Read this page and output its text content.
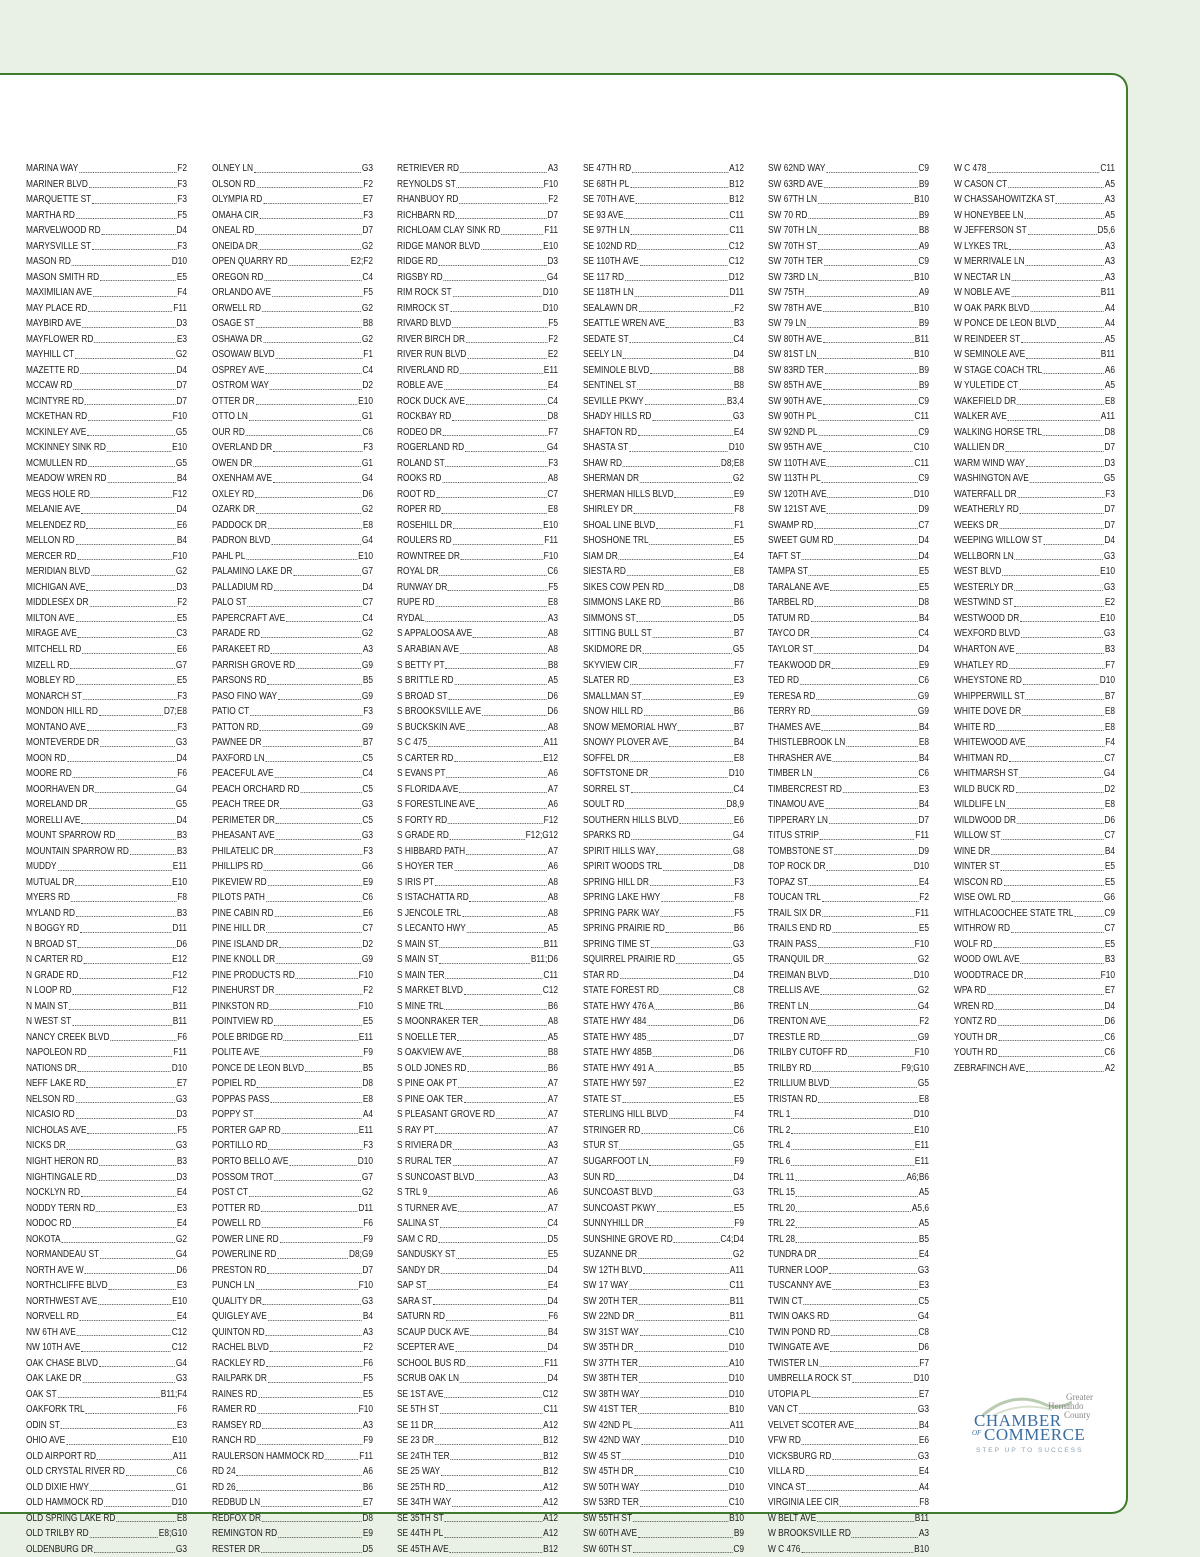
MARINA WAY	F2
MARINER BLVD	F3
MARQUETTE ST	F3
MARTHA RD	F5
MARVELWOOD RD	D4
MARYSVILLE ST	F3
MASON RD	D10
MASON SMITH RD	E5
MAXIMILIAN AVE	F4
MAY PLACE RD	F11
MAYBIRD AVE	D3
MAYFLOWER RD	E3
MAYHILL CT	G2
MAZETTE RD	D4
MCCAW RD	D7
MCINTYRE RD	D7
MCKETHAN RD	F10
MCKINLEY AVE	G5
MCKINNEY SINK RD	E10
MCMULLEN RD	G5
MEADOW WREN RD	B4
MEGS HOLE RD	F12
MELANIE AVE	D4
MELENDEZ RD	E6
MELLON RD	B4
MERCER RD	F10
MERIDIAN BLVD	G2
MICHIGAN AVE	D3
MIDDLESEX DR	F2
MILTON AVE	E5
MIRAGE AVE	C3
MITCHELL RD	E6
MIZELL RD	G7
MOBLEY RD	E5
MONARCH ST	F3
MONDON HILL RD	D7;E8
MONTANO AVE	F3
MONTEVERDE DR	G3
MOON RD	D4
MOORE RD	F6
MOORHAVEN DR	G4
MORELAND DR	G5
MORELLI AVE	D4
MOUNT SPARROW RD	B3
MOUNTAIN SPARROW RD	B3
MUDDY	E11
MUTUAL DR	E10
MYERS RD	F8
MYLAND RD	B3
N BOGGY RD	D11
N BROAD ST	D6
N CARTER RD	E12
N GRADE RD	F12
N LOOP RD	F12
N MAIN ST	B11
N WEST ST	B11
NANCY CREEK BLVD	F6
NAPOLEON RD	F11
NATIONS DR	D10
NEFF LAKE RD	E7
NELSON RD	G3
NICASIO RD	D3
NICHOLAS AVE	F5
NICKS DR	G3
NIGHT HERON RD	B3
NIGHTINGALE RD	D3
NOCKLYN RD	E4
NODDY TERN RD	E3
NODOC RD	E4
NOKOTA	G2
NORMANDEAU ST	G4
NORTH AVE W	D6
NORTHCLIFFE BLVD	E3
NORTHWEST AVE	E10
NORVELL RD	E4
NW 6TH AVE	C12
NW 10TH AVE	C12
OAK CHASE BLVD	G4
OAK LAKE DR	G3
OAK ST	B11;F4
OAKFORK TRL	F6
ODIN ST	E3
OHIO AVE	E10
OLD AIRPORT RD	A11
OLD CRYSTAL RIVER RD	C6
OLD DIXIE HWY	G1
OLD HAMMOCK RD	D10
OLD SPRING LAKE RD	E8
OLD TRILBY RD	E8;G10
OLDENBURG DR	G3
OLNEY LN	G3
OLSON RD	F2
OLYMPIA RD	E7
OMAHA CIR	F3
ONEAL RD	D7
ONEIDA DR	G2
OPEN QUARRY RD	E2;F2
OREGON RD	C4
ORLANDO AVE	F5
ORWELL RD	G2
OSAGE ST	B8
OSHAWA DR	G2
OSOWAW BLVD	F1
OSPREY AVE	C4
OSTROM WAY	D2
OTTER DR	E10
OTTO LN	G1
OUR RD	C6
OVERLAND DR	F3
OWEN DR	G1
OXENHAM AVE	G4
OXLEY RD	D6
OZARK DR	G2
PADDOCK DR	E8
PADRON BLVD	G4
PAHL PL	E10
PALAMINO LAKE DR	G7
PALLADIUM RD	D4
PALO ST	C7
PAPERCRAFT AVE	C4
PARADE RD	G2
PARAKEET RD	A3
PARRISH GROVE RD	G9
PARSONS RD	B5
PASO FINO WAY	G9
PATIO CT	F3
PATTON RD	G9
PAWNEE DR	B7
PAXFORD LN	C5
PEACEFUL AVE	C4
PEACH ORCHARD RD	C5
PEACH TREE DR	G3
PERIMETER DR	C5
PHEASANT AVE	G3
PHILATELIC DR	F3
PHILLIPS RD	G6
PIKEVIEW RD	E9
PILOTS PATH	C6
PINE CABIN RD	E6
PINE HILL DR	C7
PINE ISLAND DR	D2
PINE KNOLL DR	G9
PINE PRODUCTS RD	F10
PINEHURST DR	F2
PINKSTON RD	F10
POINTVIEW RD	E5
POLE BRIDGE RD	E11
POLITE AVE	F9
PONCE DE LEON BLVD	B5
POPIEL RD	D8
POPPAS PASS	E8
POPPY ST	A4
PORTER GAP RD	E11
PORTILLO RD	F3
PORTO BELLO AVE	D10
POSSOM TROT	G7
POST CT	G2
POTTER RD	D11
POWELL RD	F6
POWER LINE RD	F9
POWERLINE RD	D8;G9
PRESTON RD	D7
PUNCH LN	F10
QUALITY DR	G3
QUIGLEY AVE	B4
QUINTON RD	A3
RACHEL BLVD	F2
RACKLEY RD	F6
RAILPARK DR	F5
RAINES RD	E5
RAMER RD	F10
RAMSEY RD	A3
RANCH RD	F9
RAULERSON HAMMOCK RD	F11
RD 24	A6
RD 26	B6
REDBUD LN	E7
REDFOX DR	D8
REMINGTON RD	E9
RESTER DR	D5
RETRIEVER RD	A3
REYNOLDS ST	F10
RHANBUOY RD	F2
RICHBARN RD	D7
RICHLOAM CLAY SINK RD	F11
RIDGE MANOR BLVD	E10
RIDGE RD	D3
RIGSBY RD	G4
RIM ROCK ST	D10
RIMROCK ST	D10
RIVARD BLVD	F5
RIVER BIRCH DR	F2
RIVER RUN BLVD	E2
RIVERLAND RD	E11
ROBLE AVE	E4
ROCK DUCK AVE	C4
ROCKBAY RD	D8
RODEO DR	F7
ROGERLAND RD	G4
ROLAND ST	F3
ROOKS RD	A8
ROOT RD	C7
ROPER RD	E8
ROSEHILL DR	E10
ROULERS RD	F11
ROWNTREE DR	F10
ROYAL DR	C6
RUNWAY DR	F5
RUPE RD	E8
RYDAL	A3
S APPALOOSA AVE	A8
S ARABIAN AVE	A8
S BETTY PT	B8
S BRITTLE RD	A5
S BROAD ST	D6
S BROOKSVILLE AVE	D6
S BUCKSKIN AVE	A8
S C 475	A11
S CARTER RD	E12
S EVANS PT	A6
S FLORIDA AVE	A7
S FORESTLINE AVE	A6
S FORTY RD	F12
S GRADE RD	F12;G12
S HIBBARD PATH	A7
S HOYER TER	A6
S IRIS PT	A8
S ISTACHATTA RD	A8
S JENCOLE TRL	A8
S LECANTO HWY	A5
S MAIN ST	B11
S MAIN ST	B11;D6
S MAIN TER	C11
S MARKET BLVD	C12
S MINE TRL	B6
S MOONRAKER TER	A8
S NOELLE TER	A5
S OAKVIEW AVE	B8
S OLD JONES RD	B6
S PINE OAK PT	A7
S PINE OAK TER	A7
S PLEASANT GROVE RD	A7
S RAY PT	A7
S RIVIERA DR	A3
S RURAL TER	A7
S SUNCOAST BLVD	A3
S TRL 9	A6
S TURNER AVE	A7
SALINA ST	C4
SAM C RD	D5
SANDUSKY ST	E5
SANDY DR	D4
SAP ST	E4
SARA ST	D4
SATURN RD	F6
SCAUP DUCK AVE	B4
SCEPTER AVE	D4
SCHOOL BUS RD	F11
SCRUB OAK LN	D4
SE 1ST AVE	C12
SE 5TH ST	C11
SE 11 DR	A12
SE 23 DR	B12
SE 24TH TER	B12
SE 25 WAY	B12
SE 25TH RD	A12
SE 34TH WAY	A12
SE 35TH ST	A12
SE 44TH PL	A12
SE 45TH AVE	B12
SE 47TH RD	A12
SE 68TH PL	B12
SE 70TH AVE	B12
SE 93 AVE	C11
SE 97TH LN	C11
SE 102ND RD	C12
SE 110TH AVE	C12
SE 117 RD	D12
SE 118TH LN	D11
SEALAWN DR	F2
SEATTLE WREN AVE	B3
SEDATE ST	C4
SEELY LN	D4
SEMINOLE BLVD	B8
SENTINEL ST	B8
SEVILLE PKWY	B3,4
SHADY HILLS RD	G3
SHAFTON RD	E4
SHASTA ST	D10
SHAW RD	D8;E8
SHERMAN DR	G2
SHERMAN HILLS BLVD	E9
SHIRLEY DR	F8
SHOAL LINE BLVD	F1
SHOSHONE TRL	E5
SIAM DR	E4
SIESTA RD	E8
SIKES COW PEN RD	D8
SIMMONS LAKE RD	B6
SIMMONS ST	D5
SITTING BULL ST	B7
SKIDMORE DR	G5
SKYVIEW CIR	F7
SLATER RD	E3
SMALLMAN ST	E9
SNOW HILL RD	B6
SNOW MEMORIAL HWY	B7
SNOWY PLOVER AVE	B4
SOFFEL DR	E8
SOFTSTONE DR	D10
SORREL ST	C4
SOULT RD	D8,9
SOUTHERN HILLS BLVD	E6
SPARKS RD	G4
SPIRIT HILLS WAY	G8
SPIRIT WOODS TRL	D8
SPRING HILL DR	F3
SPRING LAKE HWY	F8
SPRING PARK WAY	F5
SPRING PRAIRIE RD	B6
SPRING TIME ST	G3
SQUIRREL PRAIRIE RD	G5
STAR RD	D4
STATE FOREST RD	C8
STATE HWY 476 A	B6
STATE HWY 484	D6
STATE HWY 485	D7
STATE HWY 485B	D6
STATE HWY 491 A	B5
STATE HWY 597	E2
STATE ST	E5
STERLING HILL BLVD	F4
STRINGER RD	C6
STUR ST	G5
SUGARFOOT LN	F9
SUN RD	D4
SUNCOAST BLVD	G3
SUNCOAST PKWY	E5
SUNNYHILL DR	F9
SUNSHINE GROVE RD	C4;D4
SUZANNE DR	G2
SW 12TH BLVD	A11
SW 17 WAY	C11
SW 20TH TER	B11
SW 22ND DR	B11
SW 31ST WAY	C10
SW 35TH DR	D10
SW 37TH TER	A10
SW 38TH TER	D10
SW 38TH WAY	D10
SW 41ST TER	B10
SW 42ND PL	A11
SW 42ND WAY	D10
SW 45 ST	D10
SW 45TH DR	C10
SW 50TH WAY	D10
SW 53RD TER	C10
SW 55TH ST	B10
SW 60TH AVE	B9
SW 60TH ST	C9
SW 62ND WAY	C9
SW 63RD AVE	B9
SW 67TH LN	B10
SW 70 RD	B9
SW 70TH LN	B8
SW 70TH ST	A9
SW 70TH TER	C9
SW 73RD LN	B10
SW 75TH	A9
SW 78TH AVE	B10
SW 79 LN	B9
SW 80TH AVE	B11
SW 81ST LN	B10
SW 83RD TER	B9
SW 85TH AVE	B9
SW 90TH AVE	C9
SW 90TH PL	C11
SW 92ND PL	C9
SW 95TH AVE	C10
SW 110TH AVE	C11
SW 113TH PL	C9
SW 120TH AVE	D10
SW 121ST AVE	D9
SWAMP RD	C7
SWEET GUM RD	D4
TAFT ST	D4
TAMPA ST	E5
TARALANE AVE	E5
TARBEL RD	D8
TATUM RD	B4
TAYCO DR	C4
TAYLOR ST	D4
TEAKWOOD DR	E9
TED RD	C6
TERESA RD	G9
TERRY RD	G9
THAMES AVE	B4
THISTLEBROOK LN	E8
THRASHER AVE	B4
TIMBER LN	C6
TIMBERCREST RD	E3
TINAMOU AVE	B4
TIPPERARY LN	D7
TITUS STRIP	F11
TOMBSTONE ST	D9
TOP ROCK DR	D10
TOPAZ ST	E4
TOUCAN TRL	F2
TRAIL SIX DR	F11
TRAILS END RD	E5
TRAIN PASS	F10
TRANQUIL DR	G2
TREIMAN BLVD	D10
TRELLIS AVE	G2
TRENT LN	G4
TRENTON AVE	F2
TRESTLE RD	G9
TRILBY CUTOFF RD	F10
TRILBY RD	F9;G10
TRILLIUM BLVD	G5
TRISTAN RD	E8
TRL 1	D10
TRL 2	E10
TRL 4	E11
TRL 6	E11
TRL 11	A6;B6
TRL 15	A5
TRL 20	A5,6
TRL 22	A5
TRL 28	B5
TUNDRA DR	E4
TURNER LOOP	G3
TUSCANNY AVE	E3
TWIN CT	C5
TWIN OAKS RD	G4
TWIN POND RD	C8
TWINGATE AVE	D6
TWISTER LN	F7
UMBRELLA ROCK ST	D10
UTOPIA PL	E7
VAN CT	G3
VELVET SCOTER AVE	B4
VFW RD	E6
VICKSBURG RD	G3
VILLA RD	E4
VINCA ST	A4
VIRGINIA LEE CIR	F8
W BELT AVE	B11
W BROOKSVILLE RD	A3
W C 476	B10
W C 478	C11
W CASON CT	A5
W CHASSAHOWITZKA ST	A3
W HONEYBEE LN	A5
W JEFFERSON ST	D5,6
W LYKES TRL	A3
W MERRIVALE LN	A3
W NECTAR LN	A3
W NOBLE AVE	B11
W OAK PARK BLVD	A4
W PONCE DE LEON BLVD	A4
W REINDEER ST	A5
W SEMINOLE AVE	B11
W STAGE COACH TRL	A6
W YULETIDE CT	A5
WAKEFIELD DR	E8
WALKER AVE	A11
WALKING HORSE TRL	D8
WALLIEN DR	D7
WARM WIND WAY	D3
WASHINGTON AVE	G5
WATERFALL DR	F3
WEATHERLY RD	D7
WEEKS DR	D7
WEEPING WILLOW ST	D4
WELLBORN LN	G3
WEST BLVD	E10
WESTERLY DR	G3
WESTWIND ST	E2
WESTWOOD DR	E10
WEXFORD BLVD	G3
WHARTON AVE	B3
WHATLEY RD	F7
WHEYSTONE RD	D10
WHIPPERWILL ST	B7
WHITE DOVE DR	E8
WHITE RD	E8
WHITEWOOD AVE	F4
WHITMAN RD	C7
WHITMARSH ST	G4
WILD BUCK RD	D2
WILDLIFE LN	E8
WILDWOOD DR	D6
WILLOW ST	C7
WINE DR	B4
WINTER ST	E5
WISCON RD	E5
WISE OWL RD	G6
WITHLACOOCHEE STATE TRL	C9
WITHROW RD	C7
WOLF RD	E5
WOOD OWL AVE	B3
WOODTRACE DR	F10
WPA RD	E7
WREN RD	D4
YONTZ RD	D6
YOUTH DR	C6
YOUTH RD	C6
ZEBRAFINCH AVE	A2
Greater
Hernando
County
CHAMBER
OF COMMERCE
STEP UP TO SUCCESS
